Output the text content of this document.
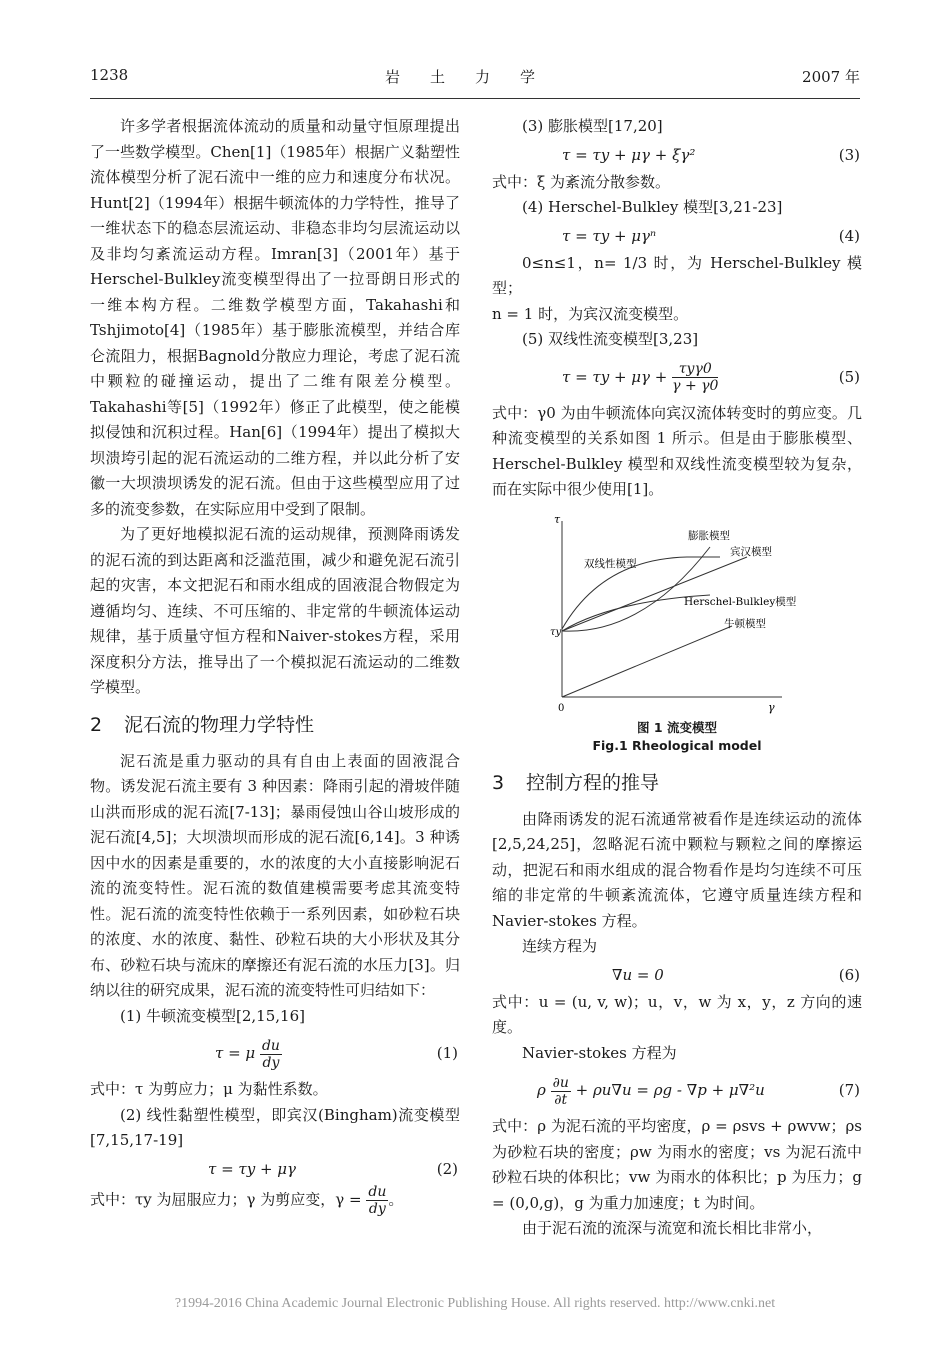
1238	岩土力学	2007 年

许多学者根据流体流动的质量和动量守恒原理提出了一些数学模型。Chen[1]（1985年）根据广义黏塑性流体模型分析了泥石流中一维的应力和速度分布状况。Hunt[2]（1994年）根据牛顿流体的力学特性，推导了一维状态下的稳态层流运动、非稳态非均匀层流运动以及非均匀紊流运动方程。Imran[3]（2001年）基于Herschel-Bulkley流变模型得出了一拉哥朗日形式的一维本构方程。二维数学模型方面，Takahashi和Tshjimoto[4]（1985年）基于膨胀流模型，并结合库仑流阻力，根据Bagnold分散应力理论，考虑了泥石流中颗粒的碰撞运动，提出了二维有限差分模型。Takahashi等[5]（1992年）修正了此模型，使之能模拟侵蚀和沉积过程。Han[6]（1994年）提出了模拟大坝溃垮引起的泥石流运动的二维方程，并以此分析了安徽一大坝溃坝诱发的泥石流。但由于这些模型应用了过多的流变参数，在实际应用中受到了限制。

为了更好地模拟泥石流的运动规律，预测降雨诱发的泥石流的到达距离和泛滥范围，减少和避免泥石流引起的灾害，本文把泥石和雨水组成的固液混合物假定为遵循均匀、连续、不可压缩的、非定常的牛顿流体运动规律，基于质量守恒方程和Naiver-stokes方程，采用深度积分方法，推导出了一个模拟泥石流运动的二维数学模型。

2 泥石流的物理力学特性

泥石流是重力驱动的具有自由上表面的固液混合物。诱发泥石流主要有 3 种因素：降雨引起的滑坡伴随山洪而形成的泥石流[7-13]；暴雨侵蚀山谷山坡形成的泥石流[4,5]；大坝溃坝而形成的泥石流[6,14]。3 种诱因中水的因素是重要的，水的浓度的大小直接影响泥石流的流变特性。泥石流的数值建模需要考虑其流变特性。泥石流的流变特性依赖于一系列因素，如砂粒石块的浓度、水的浓度、黏性、砂粒石块的大小形状及其分布、砂粒石块与流床的摩擦还有泥石流的水压力[3]。归纳以往的研究成果，泥石流的流变特性可归结如下：

(1) 牛顿流变模型[2,15,16]

τ = μ $\frac{du}{dy}$	(1)

式中：τ 为剪应力；μ 为黏性系数。

(2) 线性黏塑性模型，即宾汉(Bingham)流变模型[7,15,17-19]

τ = τy + μγ	(2)

式中：τy 为屈服应力；γ 为剪应变，$\gamma = \frac{du}{dy}$ 。

(3) 膨胀模型[17,20]

τ = τy + μγ + ξγ²	(3)

式中：ξ 为紊流分散参数。

(4) Herschel-Bulkley 模型[3,21-23]

τ = τy + μγⁿ	(4)

0≤n≤1，n= 1/3 时，为 Herschel-Bulkley 模型；

n = 1 时，为宾汉流变模型。

(5) 双线性流变模型[3,23]

$\tau = \tau y + \mu\gamma + \frac{\text{τyγ0}}{\gamma + \gamma 0}$	(5)

式中：γ0 为由牛顿流体向宾汉流体转变时的剪应变。几种流变模型的关系如图 1 所示。但是由于膨胀模型、Herschel-Bulkley 模型和双线性流变模型较为复杂，而在实际中很少使用[1]。

τ
τy
0	γ
膨胀模型
宾汉模型
双线性模型
Herschel-Bulkley模型
牛顿模型
图 1 流变模型
Fig.1 Rheological model
3 控制方程的推导

由降雨诱发的泥石流通常被看作是连续运动的流体[2,5,24,25]，忽略泥石流中颗粒与颗粒之间的摩擦运动，把泥石和雨水组成的混合物看作是均匀连续不可压缩的非定常的牛顿紊流流体，它遵守质量连续方程和 Navier-stokes 方程。

连续方程为

∇u = 0	(6)

式中：u = (u, v, w)；u，v，w 为 x，y，z 方向的速度。

Navier-stokes 方程为

ρ $\frac{\partial u}{\partial t} + \rho u\nabla u = \rho g - \nabla p + \mu\nabla^2u$	(7)

式中：ρ 为泥石流的平均密度，ρ = ρsvs + ρwvw；ρs 为砂粒石块的密度；ρw 为雨水的密度；vs 为泥石流中砂粒石块的体积比；vw 为雨水的体积比；p 为压力；g = (0,0,g)，g 为重力加速度；t 为时间。

由于泥石流的流深与流宽和流长相比非常小，

?1994-2016 China Academic Journal Electronic Publishing House. All rights reserved. http://www.cnki.net
